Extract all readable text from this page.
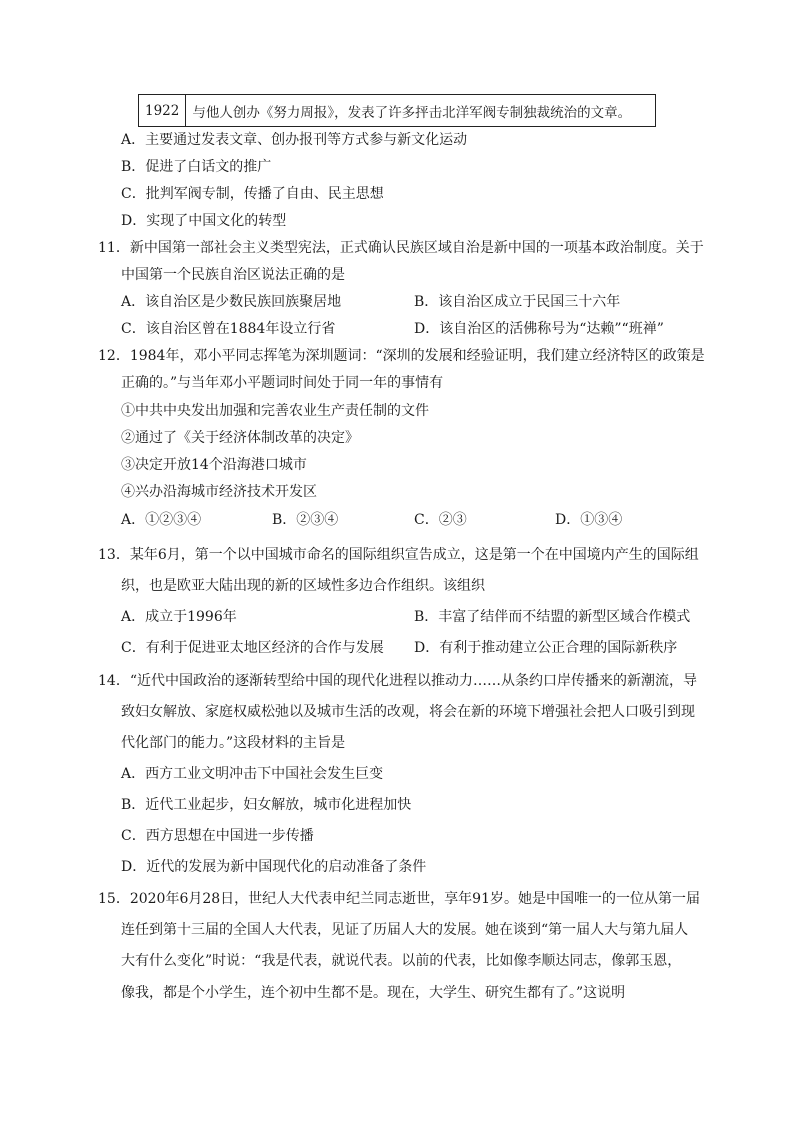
1922	与他人创办《努力周报》，发表了许多抨击北洋军阀专制独裁统治的文章。
A．主要通过发表文章、创办报刊等方式参与新文化运动
B．促进了白话文的推广
C．批判军阀专制，传播了自由、民主思想
D．实现了中国文化的转型
11．新中国第一部社会主义类型宪法，正式确认民族区域自治是新中国的一项基本政治制度。关于
中国第一个民族自治区说法正确的是
A．该自治区是少数民族回族聚居地	B．该自治区成立于民国三十六年
C．该自治区曾在1884年设立行省	D．该自治区的活佛称号为“达赖”“班禅”
12．1984年，邓小平同志挥笔为深圳题词：“深圳的发展和经验证明，我们建立经济特区的政策是
正确的。”与当年邓小平题词时间处于同一年的事情有
①中共中央发出加强和完善农业生产责任制的文件
②通过了《关于经济体制改革的决定》
③决定开放14个沿海港口城市
④兴办沿海城市经济技术开发区
A．①②③④	B．②③④	C．②③	D．①③④
13．某年6月，第一个以中国城市命名的国际组织宣告成立，这是第一个在中国境内产生的国际组
织，也是欧亚大陆出现的新的区域性多边合作组织。该组织
A．成立于1996年	B．丰富了结伴而不结盟的新型区域合作模式
C．有利于促进亚太地区经济的合作与发展 D．有利于推动建立公正合理的国际新秩序
14．“近代中国政治的逐渐转型给中国的现代化进程以推动力……从条约口岸传播来的新潮流，导
致妇女解放、家庭权威松弛以及城市生活的改观，将会在新的环境下增强社会把人口吸引到现
代化部门的能力。”这段材料的主旨是
A．西方工业文明冲击下中国社会发生巨变
B．近代工业起步，妇女解放，城市化进程加快
C．西方思想在中国进一步传播
D．近代的发展为新中国现代化的启动准备了条件
15．2020年6月28日，世纪人大代表申纪兰同志逝世，享年91岁。她是中国唯一的一位从第一届
连任到第十三届的全国人大代表，见证了历届人大的发展。她在谈到“第一届人大与第九届人
大有什么变化”时说：“我是代表，就说代表。以前的代表，比如像李顺达同志，像郭玉恩，
像我，都是个小学生，连个初中生都不是。现在，大学生、研究生都有了。”这说明
